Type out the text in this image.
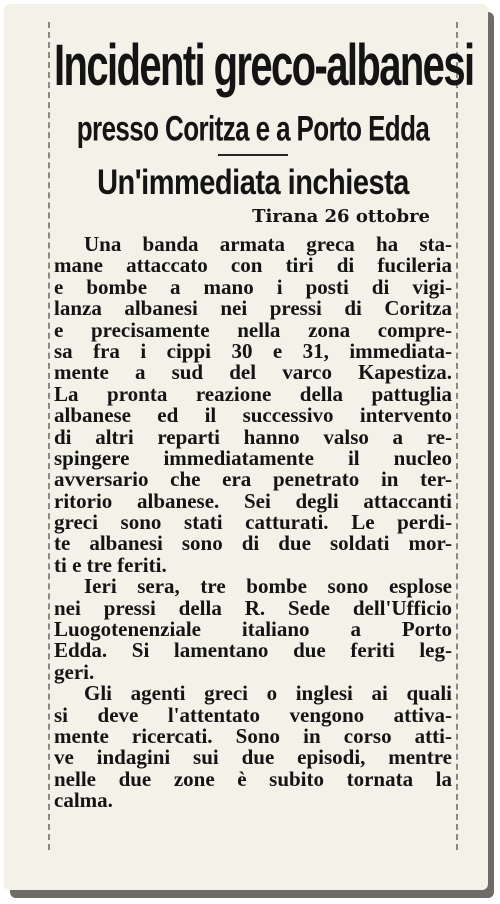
Incidenti greco-albanesi
presso Coritza e a Porto Edda
Un'immediata inchiesta
Tirana 26 ottobre
Una banda armata greca ha sta-
mane attaccato con tiri di fucileria
e bombe a mano i posti di vigi-
lanza albanesi nei pressi di Coritza
e precisamente nella zona compre-
sa fra i cippi 30 e 31, immediata-
mente a sud del varco Kapestiza.
La pronta reazione della pattuglia
albanese ed il successivo intervento
di altri reparti hanno valso a re-
spingere immediatamente il nucleo
avversario che era penetrato in ter-
ritorio albanese. Sei degli attaccanti
greci sono stati catturati. Le perdi-
te albanesi sono di due soldati mor-
ti e tre feriti.
Ieri sera, tre bombe sono esplose
nei pressi della R. Sede dell'Ufficio
Luogotenenziale italiano a Porto
Edda. Si lamentano due feriti leg-
geri.
Gli agenti greci o inglesi ai quali
si deve l'attentato vengono attiva-
mente ricercati. Sono in corso atti-
ve indagini sui due episodi, mentre
nelle due zone è subito tornata la
calma.
